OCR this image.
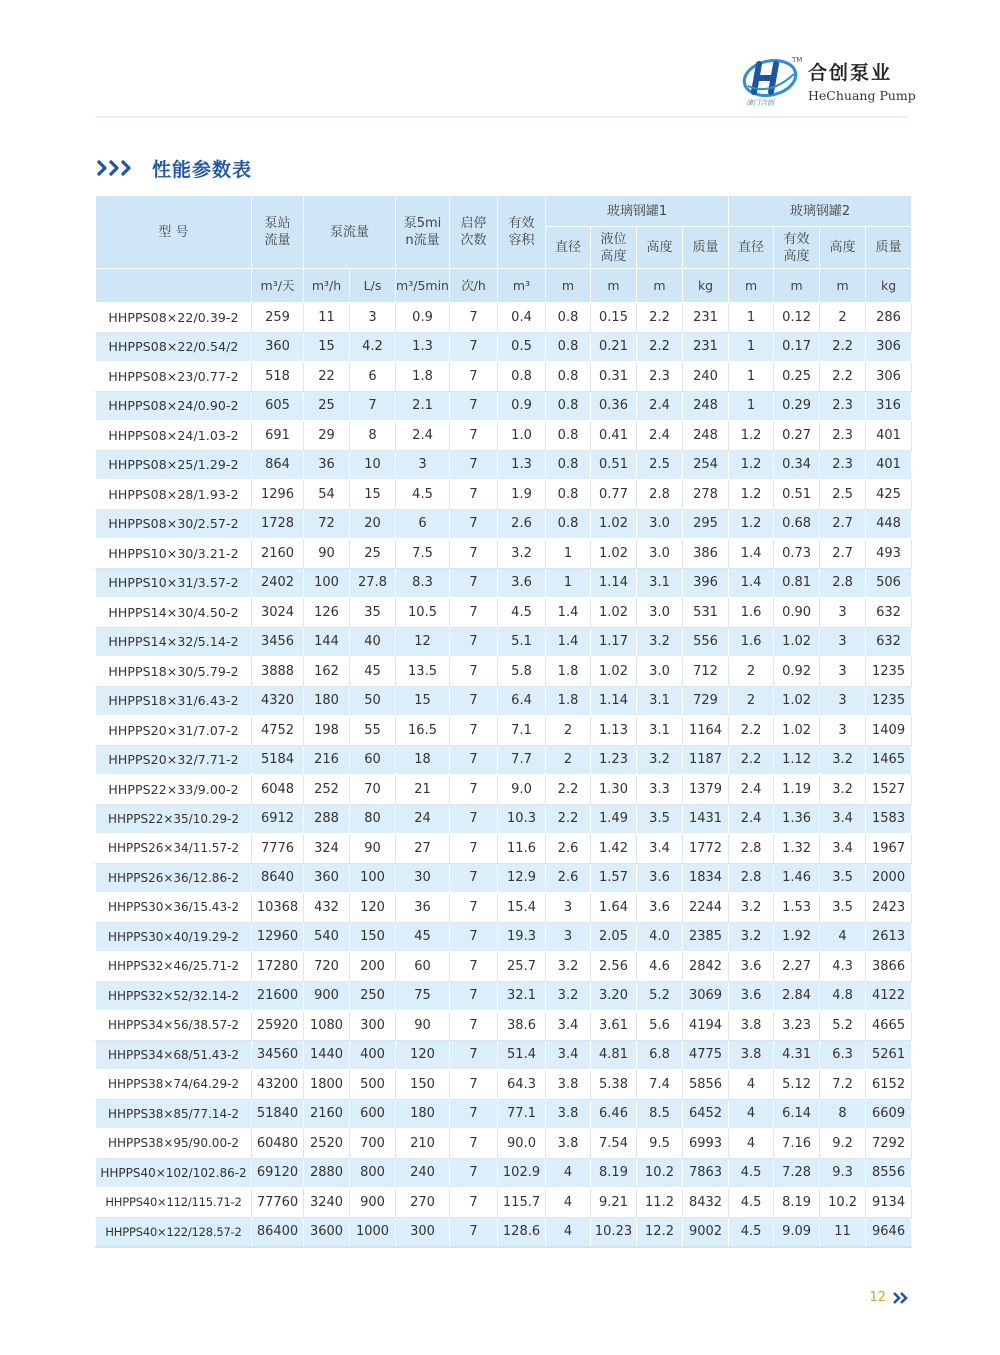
TM
津门合创
合创泵业
HeChuang Pump
性能参数表
型 号	泵站流量	泵流量		泵5min流量	启停次数	有效容积	玻璃钢罐1				玻璃钢罐2			
							直径	液位高度	高度	质量	直径	有效高度	高度	质量
	m³/天	m³/h	L/s	m³/5min	次/h	m³	m	m	m	kg	m	m	m	kg
HHPPS08×22/0.39-2	259	11	3	0.9	7	0.4	0.8	0.15	2.2	231	1	0.12	2	286
HHPPS08×22/0.54/2	360	15	4.2	1.3	7	0.5	0.8	0.21	2.2	231	1	0.17	2.2	306
HHPPS08×23/0.77-2	518	22	6	1.8	7	0.8	0.8	0.31	2.3	240	1	0.25	2.2	306
HHPPS08×24/0.90-2	605	25	7	2.1	7	0.9	0.8	0.36	2.4	248	1	0.29	2.3	316
HHPPS08×24/1.03-2	691	29	8	2.4	7	1.0	0.8	0.41	2.4	248	1.2	0.27	2.3	401
HHPPS08×25/1.29-2	864	36	10	3	7	1.3	0.8	0.51	2.5	254	1.2	0.34	2.3	401
HHPPS08×28/1.93-2	1296	54	15	4.5	7	1.9	0.8	0.77	2.8	278	1.2	0.51	2.5	425
HHPPS08×30/2.57-2	1728	72	20	6	7	2.6	0.8	1.02	3.0	295	1.2	0.68	2.7	448
HHPPS10×30/3.21-2	2160	90	25	7.5	7	3.2	1	1.02	3.0	386	1.4	0.73	2.7	493
HHPPS10×31/3.57-2	2402	100	27.8	8.3	7	3.6	1	1.14	3.1	396	1.4	0.81	2.8	506
HHPPS14×30/4.50-2	3024	126	35	10.5	7	4.5	1.4	1.02	3.0	531	1.6	0.90	3	632
HHPPS14×32/5.14-2	3456	144	40	12	7	5.1	1.4	1.17	3.2	556	1.6	1.02	3	632
HHPPS18×30/5.79-2	3888	162	45	13.5	7	5.8	1.8	1.02	3.0	712	2	0.92	3	1235
HHPPS18×31/6.43-2	4320	180	50	15	7	6.4	1.8	1.14	3.1	729	2	1.02	3	1235
HHPPS20×31/7.07-2	4752	198	55	16.5	7	7.1	2	1.13	3.1	1164	2.2	1.02	3	1409
HHPPS20×32/7.71-2	5184	216	60	18	7	7.7	2	1.23	3.2	1187	2.2	1.12	3.2	1465
HHPPS22×33/9.00-2	6048	252	70	21	7	9.0	2.2	1.30	3.3	1379	2.4	1.19	3.2	1527
HHPPS22×35/10.29-2	6912	288	80	24	7	10.3	2.2	1.49	3.5	1431	2.4	1.36	3.4	1583
HHPPS26×34/11.57-2	7776	324	90	27	7	11.6	2.6	1.42	3.4	1772	2.8	1.32	3.4	1967
HHPPS26×36/12.86-2	8640	360	100	30	7	12.9	2.6	1.57	3.6	1834	2.8	1.46	3.5	2000
HHPPS30×36/15.43-2	10368	432	120	36	7	15.4	3	1.64	3.6	2244	3.2	1.53	3.5	2423
HHPPS30×40/19.29-2	12960	540	150	45	7	19.3	3	2.05	4.0	2385	3.2	1.92	4	2613
HHPPS32×46/25.71-2	17280	720	200	60	7	25.7	3.2	2.56	4.6	2842	3.6	2.27	4.3	3866
HHPPS32×52/32.14-2	21600	900	250	75	7	32.1	3.2	3.20	5.2	3069	3.6	2.84	4.8	4122
HHPPS34×56/38.57-2	25920	1080	300	90	7	38.6	3.4	3.61	5.6	4194	3.8	3.23	5.2	4665
HHPPS34×68/51.43-2	34560	1440	400	120	7	51.4	3.4	4.81	6.8	4775	3.8	4.31	6.3	5261
HHPPS38×74/64.29-2	43200	1800	500	150	7	64.3	3.8	5.38	7.4	5856	4	5.12	7.2	6152
HHPPS38×85/77.14-2	51840	2160	600	180	7	77.1	3.8	6.46	8.5	6452	4	6.14	8	6609
HHPPS38×95/90.00-2	60480	2520	700	210	7	90.0	3.8	7.54	9.5	6993	4	7.16	9.2	7292
HHPPS40×102/102.86-2	69120	2880	800	240	7	102.9	4	8.19	10.2	7863	4.5	7.28	9.3	8556
HHPPS40×112/115.71-2	77760	3240	900	270	7	115.7	4	9.21	11.2	8432	4.5	8.19	10.2	9134
HHPPS40×122/128.57-2	86400	3600	1000	300	7	128.6	4	10.23	12.2	9002	4.5	9.09	11	9646
12
